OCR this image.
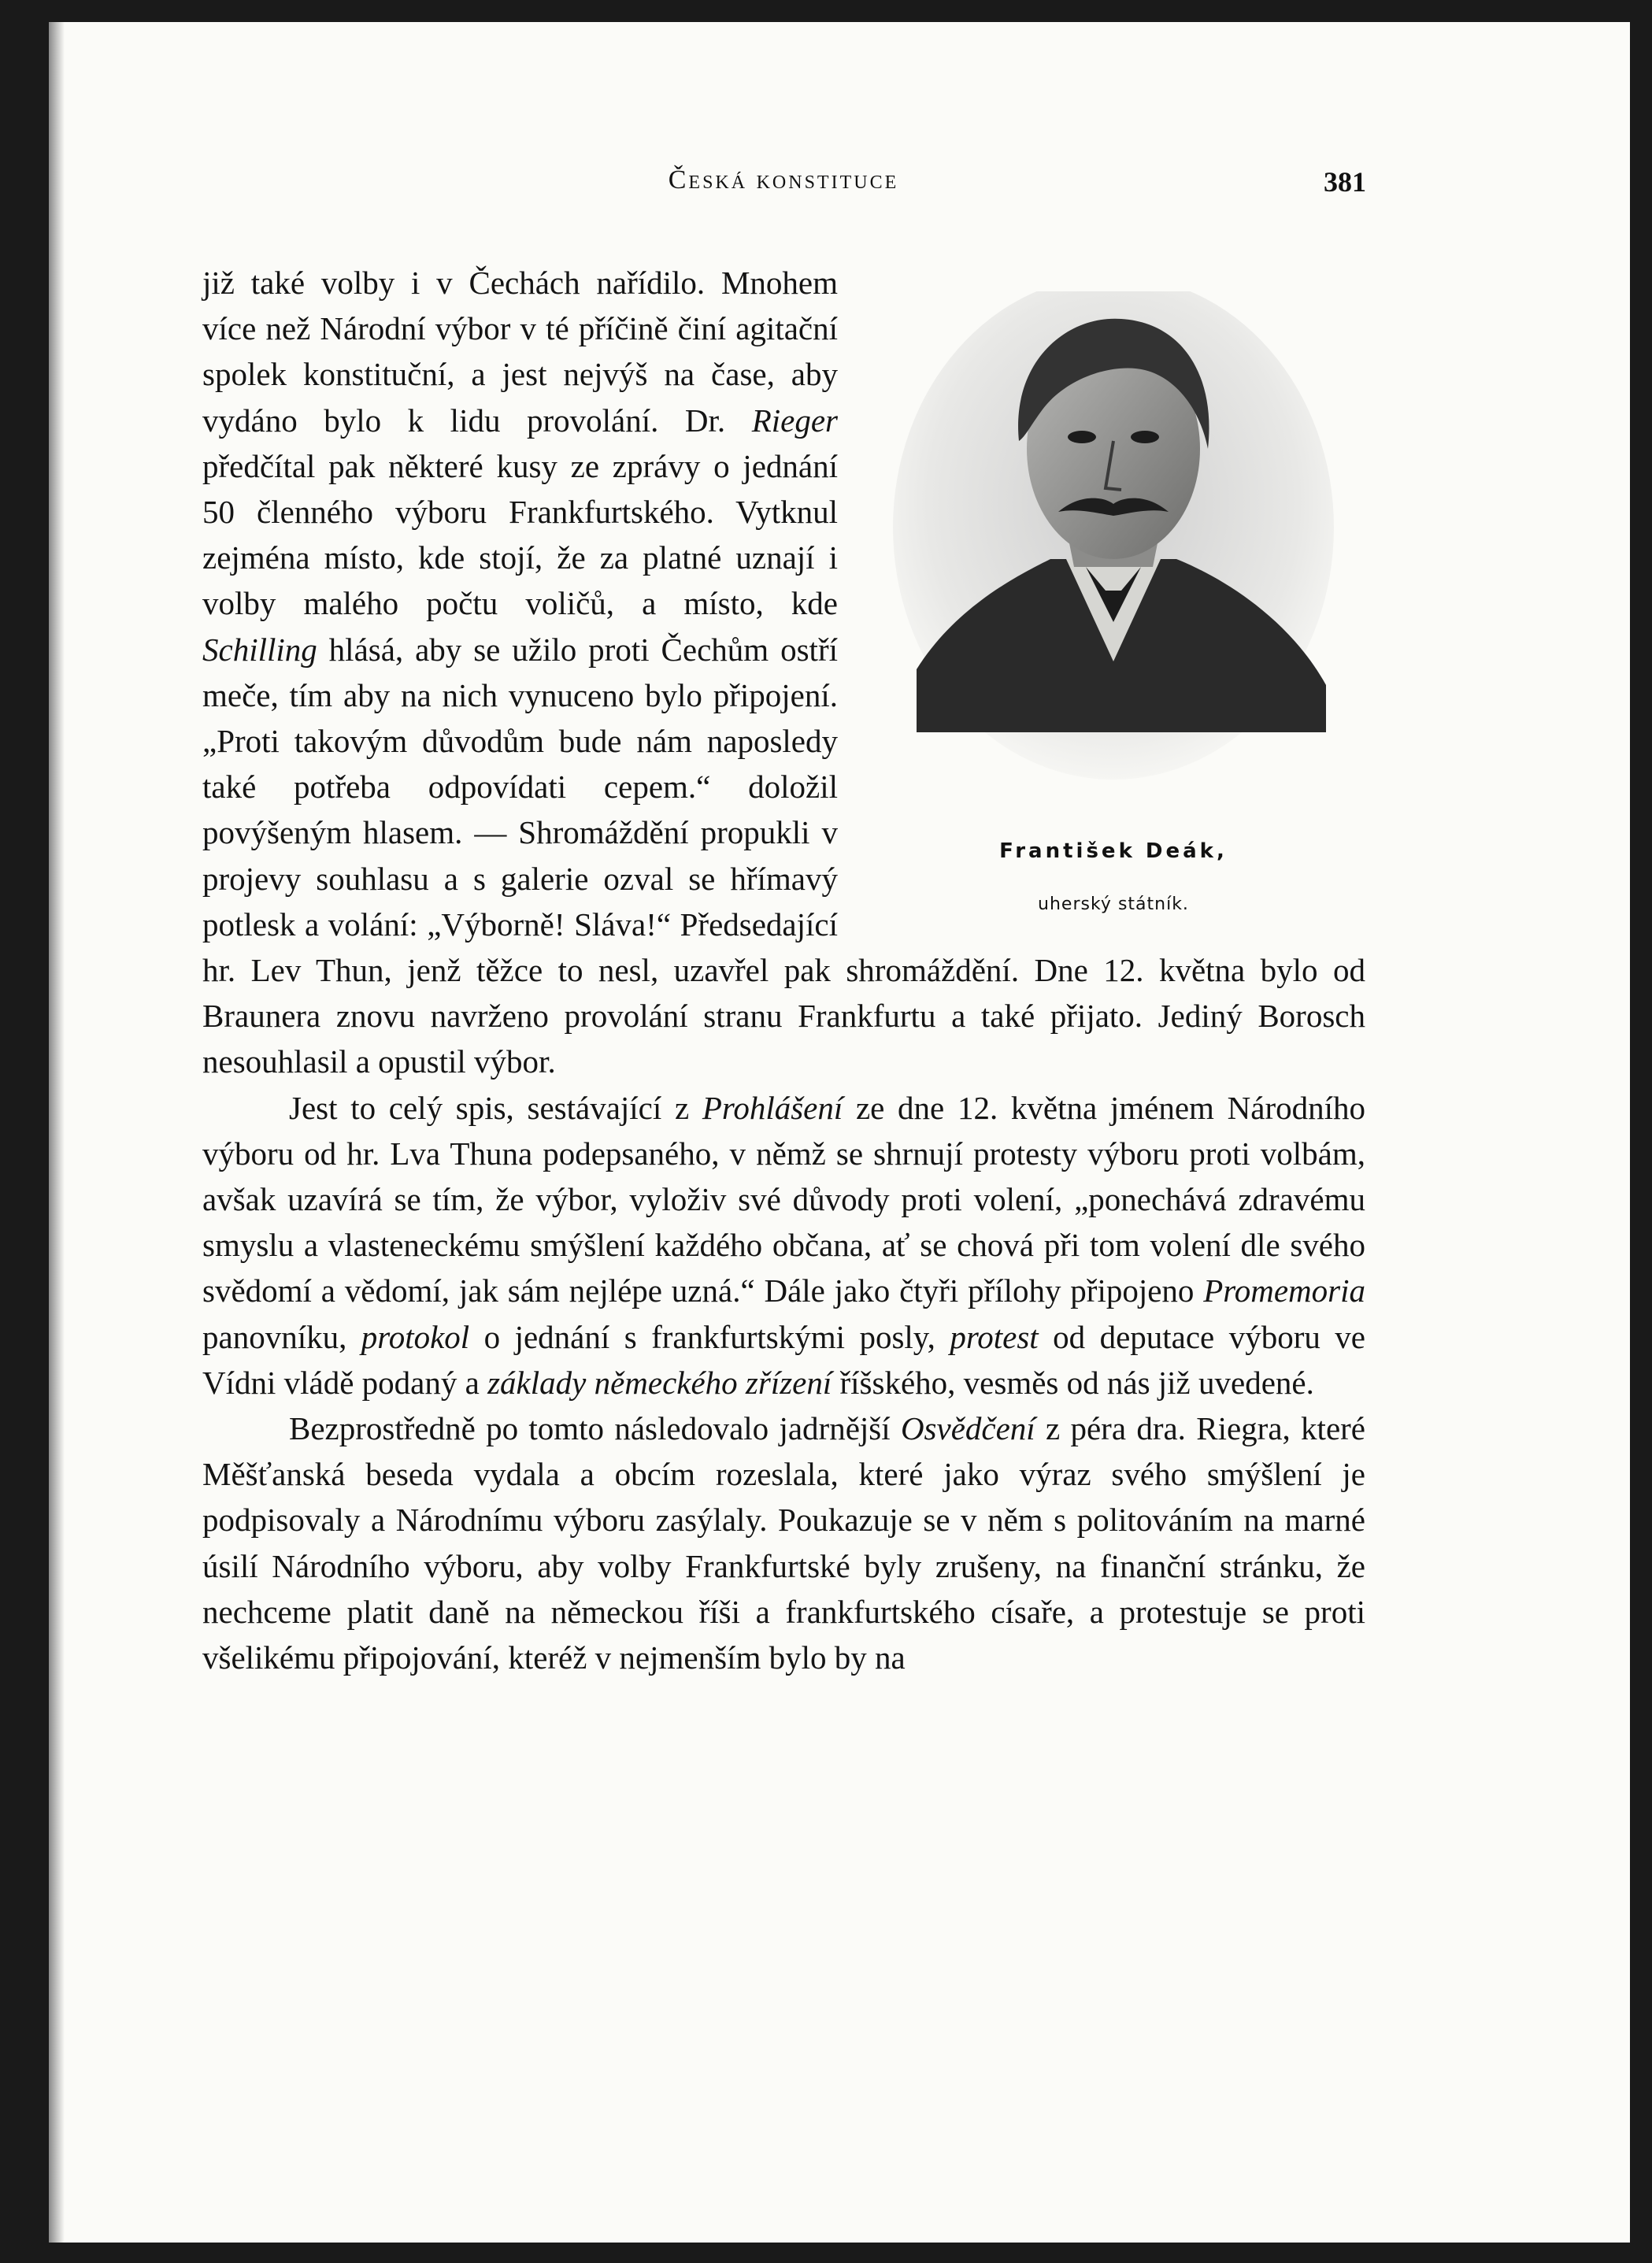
Česká konstituce	381
František Deák,
uherský státník.

již také volby i v Čechách nařídilo. Mnohem více než Národní výbor v té příčině činí agitační spolek konstituční, a jest nejvýš na čase, aby vydáno bylo k lidu provolání. Dr. Rieger předčítal pak některé kusy ze zprávy o jednání 50 členného výboru Frankfurtského. Vytknul zejména místo, kde stojí, že za platné uznají i volby malého počtu voličů, a místo, kde Schilling hlásá, aby se užilo proti Čechům ostří meče, tím aby na nich vynuceno bylo připojení. „Proti takovým důvodům bude nám naposledy také potřeba odpovídati cepem.“ doložil povýšeným hlasem. — Shromáždění propukli v projevy souhlasu a s galerie ozval se hřímavý potlesk a volání: „Výborně! Sláva!“ Předsedající hr. Lev Thun, jenž těžce to nesl, uzavřel pak shromáždění. Dne 12. května bylo od Braunera znovu navrženo provolání stranu Frankfurtu a také přijato. Jediný Borosch nesouhlasil a opustil výbor.

Jest to celý spis, sestávající z Prohlášení ze dne 12. května jménem Národního výboru od hr. Lva Thuna podepsaného, v němž se shrnují protesty výboru proti volbám, avšak uzavírá se tím, že výbor, vyloživ své důvody proti volení, „ponechává zdravému smyslu a vlasteneckému smýšlení každého občana, ať se chová při tom volení dle svého svědomí a vědomí, jak sám nejlépe uzná.“ Dále jako čtyři přílohy připojeno Promemoria panovníku, protokol o jednání s frankfurtskými posly, protest od deputace výboru ve Vídni vládě podaný a základy německého zřízení říšského, vesměs od nás již uvedené.

Bezprostředně po tomto následovalo jadrnější Osvědčení z péra dra. Riegra, které Měšťanská beseda vydala a obcím rozeslala, které jako výraz svého smýšlení je podpisovaly a Národnímu výboru zasýlaly. Poukazuje se v něm s politováním na marné úsilí Národního výboru, aby volby Frankfurtské byly zrušeny, na finanční stránku, že nechceme platit daně na německou říši a frankfurtského císaře, a protestuje se proti všelikému připojování, kteréž v nejmenším bylo by na
